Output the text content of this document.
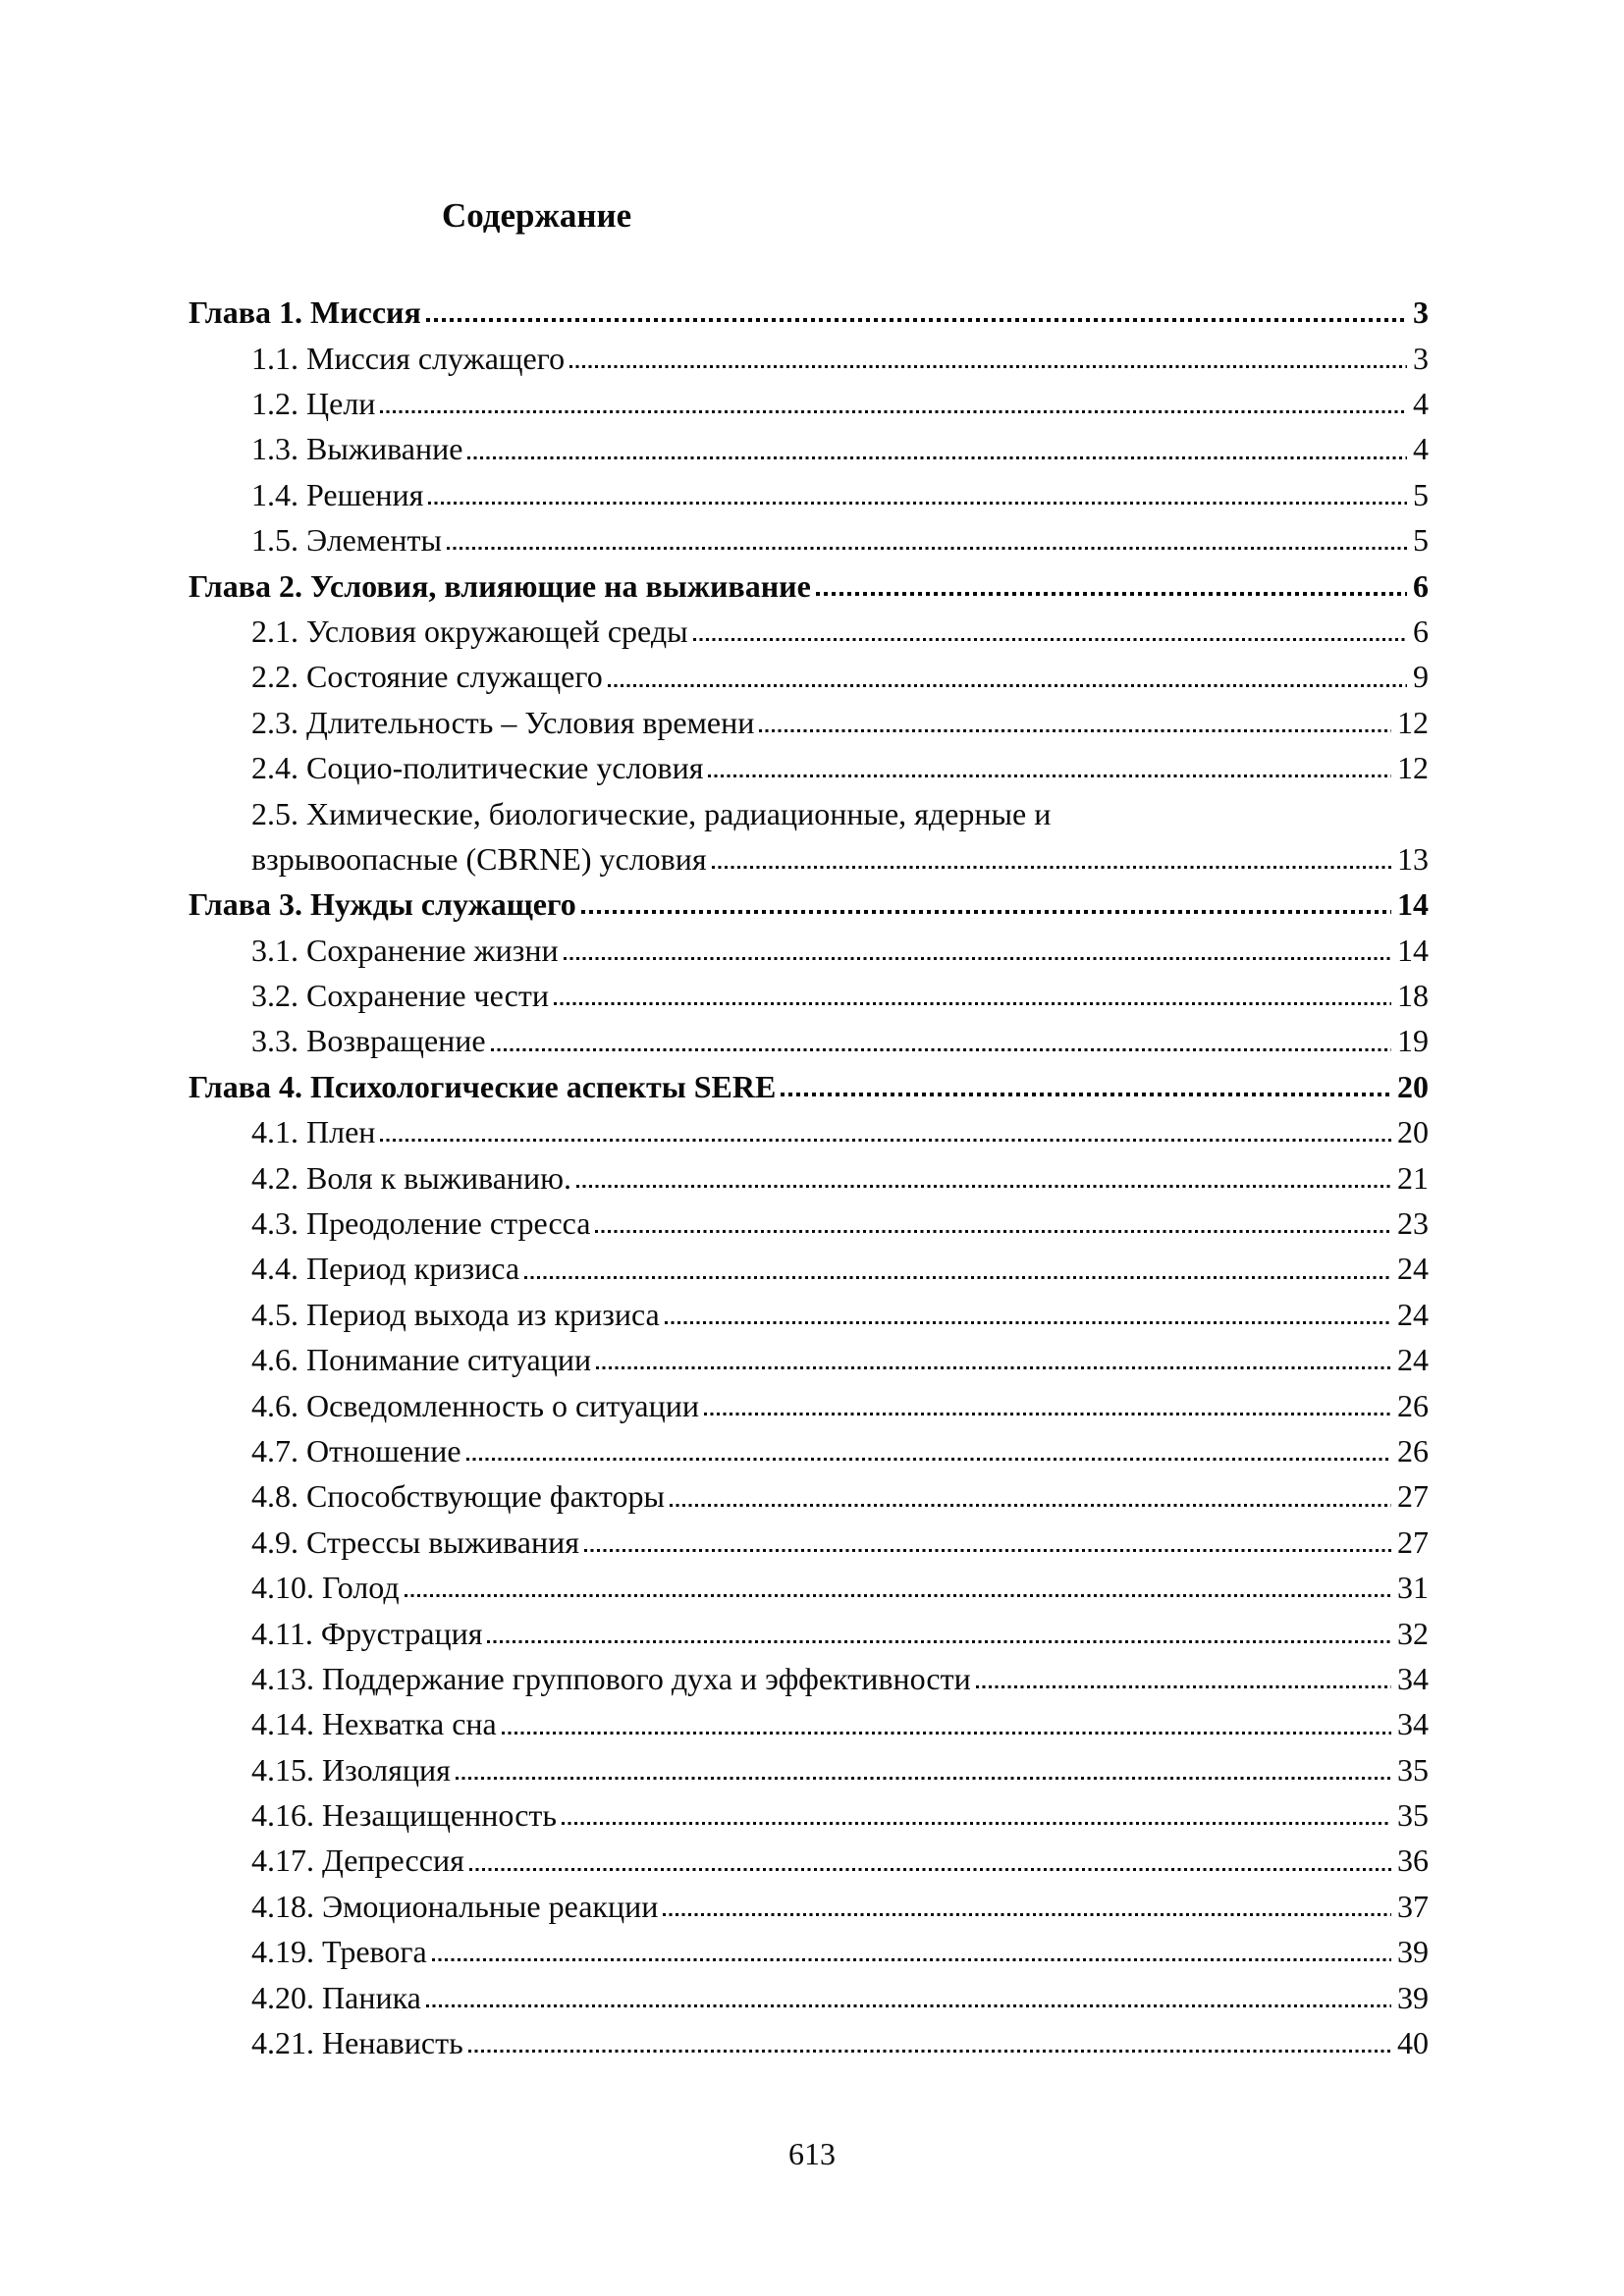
Содержание
Глава 1. Миссия	3
1.1. Миссия служащего	3
1.2. Цели	4
1.3. Выживание	4
1.4. Решения	5
1.5. Элементы	5
Глава 2. Условия, влияющие на выживание	6
2.1. Условия окружающей среды	6
2.2. Состояние служащего	9
2.3. Длительность – Условия времени	12
2.4. Социо-политические условия	12
2.5. Химические, биологические, радиационные, ядерные и
взрывоопасные (CBRNE) условия	13
Глава 3. Нужды служащего	14
3.1. Сохранение жизни	14
3.2. Сохранение чести	18
3.3. Возвращение	19
Глава 4. Психологические аспекты SERE	20
4.1. Плен	20
4.2. Воля к выживанию.	21
4.3. Преодоление стресса	23
4.4. Период кризиса	24
4.5. Период выхода из кризиса	24
4.6. Понимание ситуации	24
4.6. Осведомленность о ситуации	26
4.7. Отношение	26
4.8. Способствующие факторы	27
4.9. Стрессы выживания	27
4.10. Голод	31
4.11. Фрустрация	32
4.13. Поддержание группового духа и эффективности	34
4.14. Нехватка сна	34
4.15. Изоляция	35
4.16. Незащищенность	35
4.17. Депрессия	36
4.18. Эмоциональные реакции	37
4.19. Тревога	39
4.20. Паника	39
4.21. Ненависть	40
613
